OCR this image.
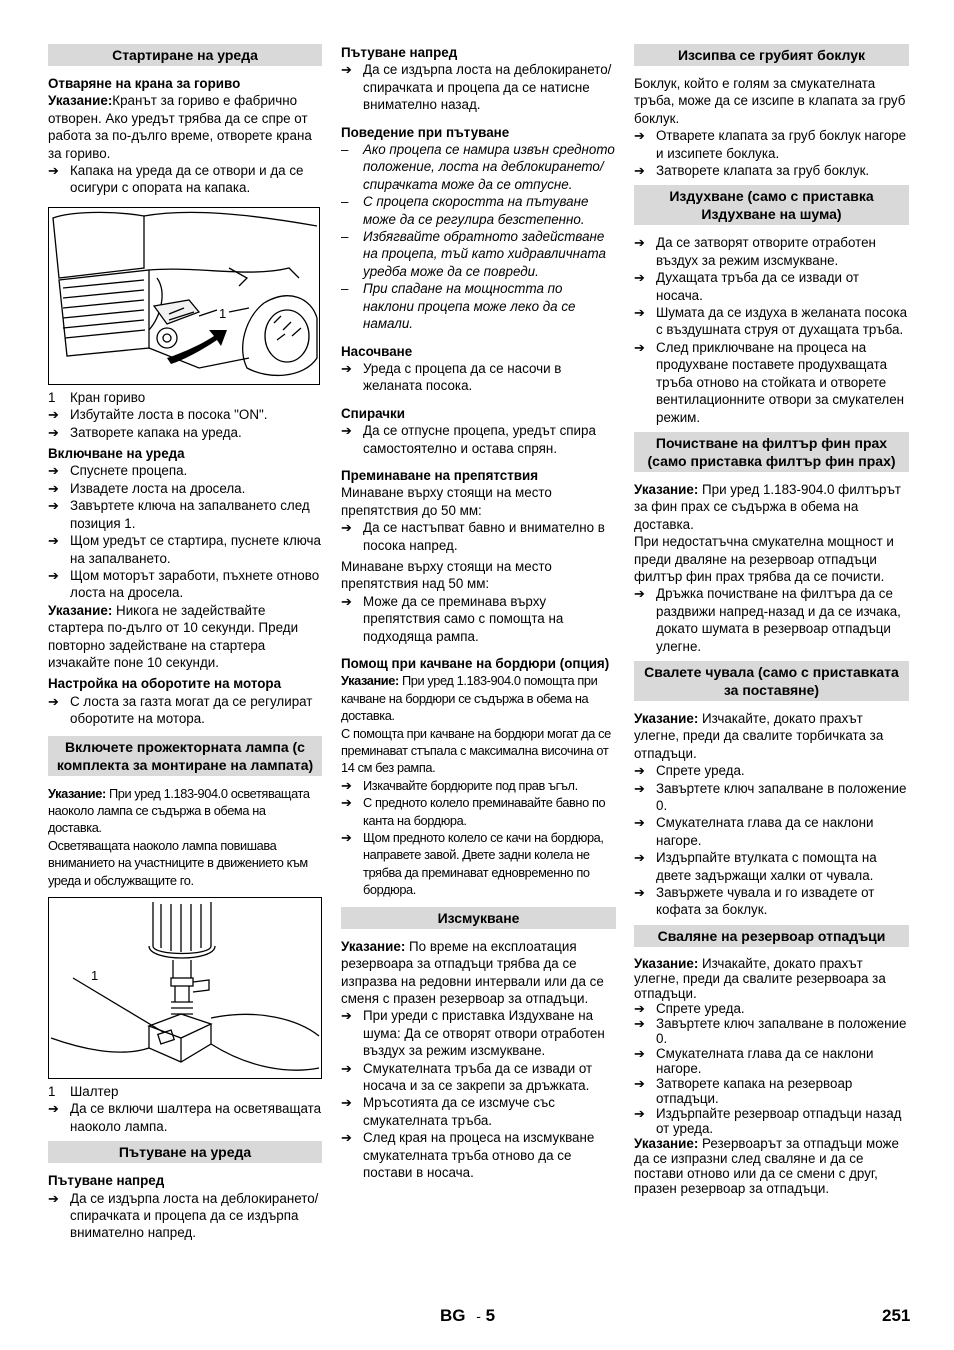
Стартиране на уреда
Отваряне на крана за гориво

Указание:Кранът за гориво е фабрично отворен. Ако уредът трябва да се спре от работа за по-дълго време, отворете крана за гориво.

➔ Капака на уреда да се отвори и да се осигури с опората на капака.

1

1 Кран гориво

➔ Избутайте лоста в посока "ON".

➔ Затворете капака на уреда.

Включване на уреда

➔ Спуснете процепа.

➔ Извадете лоста на дросела.

➔ Завъртете ключа на запалването след позиция 1.

➔ Щом уредът се стартира, пуснете ключа на запалването.

➔ Щом моторът заработи, пъхнете отново лоста на дросела.

Указание: Никога не задействайте стартера по-дълго от 10 секунди. Преди повторно задействане на стартера изчакайте поне 10 секунди.

Настройка на оборотите на мотора

➔ С лоста за газта могат да се регулират оборотите на мотора.

Включете прожекторната лампа (с комплекта за монтиране на лампата)

Указание: При уред 1.183-904.0 осветяващата наоколо лампа се съдържа в обема на доставка.

Осветяващата наоколо лампа повишава вниманието на участниците в движението към уреда и обслужващите го.

1

1 Шалтер

➔ Да се включи шалтера на осветяващата наоколо лампа.

Пътуване на уреда
Пътуване напред

➔ Да се издърпа лоста на деблокирането/спирачката и процепа да се издърпа внимателно напред.

Пътуване напред

➔ Да се издърпа лоста на деблокирането/спирачката и процепа да се натисне внимателно назад.

Поведение при пътуване

– Ако процепа се намира извън средното положение, лоста на деблокирането/спирачката може да се отпусне.

– С процепа скоростта на пътуване може да се регулира безстепенно.

– Избягвайте обратното задействане на процепа, тъй като хидравличната уредба може да се повреди.

– При спадане на мощността по наклони процепа може леко да се намали.

Насочване

➔ Уреда с процепа да се насочи в желаната посока.

Спирачки

➔ Да се отпусне процепа, уредът спира самостоятелно и остава спрян.

Преминаване на препятствия

Минаване върху стоящи на место препятствия до 50 мм:

➔ Да се настъпват бавно и внимателно в посока напред.

Минаване върху стоящи на место препятствия над 50 мм:

➔ Може да се преминава върху препятствия само с помощта на подходяща рампа.

Помощ при качване на бордюри (опция)

Указание: При уред 1.183-904.0 помощта при качване на бордюри се съдържа в обема на доставка.

С помощта при качване на бордюри могат да се преминават стъпала с максимална височина от 14 см без рампа.

➔ Изкачвайте бордюрите под прав ъгъл.

➔ С предното колело преминавайте бавно по канта на бордюра.

➔ Щом предното колело се качи на бордюра, направете завой. Двете задни колела не трябва да преминават едновременно по бордюра.

Изсмукване

Указание: По време на експлоатация резервоара за отпадъци трябва да се изпразва на редовни интервали или да се сменя с празен резервоар за отпадъци.

➔ При уреди с приставка Издухване на шума: Да се отворят отвори отработен въздух за режим изсмукване.

➔ Смукателната тръба да се извади от носача и за се закрепи за дръжката.

➔ Мръсотията да се изсмуче със смукателната тръба.

➔ След края на процеса на изсмукване смукателната тръба отново да се постави в носача.

Изсипва се грубият боклук

Боклук, който е голям за смукателната тръба, може да се изсипе в клапата за груб боклук.

➔ Отварете клапата за груб боклук нагоре и изсипете боклука.

➔ Затворете клапата за груб боклук.

Издухване (само с приставка Издухване на шума)

➔ Да се затворят отворите отработен въздух за режим изсмукване.

➔ Духащата тръба да се извади от носача.

➔ Шумата да се издуха в желаната посока с въздушната струя от духащата тръба.

➔ След приключване на процеса на продухване поставете продухващата тръба отново на стойката и отворете вентилационните отвори за смукателен режим.

Почистване на филтър фин прах (само приставка филтър фин прах)

Указание: При уред 1.183-904.0 филтърът за фин прах се съдържа в обема на доставка.

При недостатъчна смукателна мощност и преди дваляне на резервоар отпадъци филтър фин прах трябва да се почисти.

➔ Дръжка почистване на филтъра да се раздвижи напред-назад и да се изчака, докато шумата в резервоар отпадъци улегне.

Свалете чувала (само с приставката за поставяне)

Указание: Изчакайте, докато прахът улегне, преди да свалите торбичката за отпадъци.

➔ Спрете уреда.

➔ Завъртете ключ запалване в положение 0.

➔ Смукателната глава да се наклони нагоре.

➔ Издърпайте втулката с помощта на двете задържащи халки от чувала.

➔ Завържете чувала и го извадете от кофата за боклук.

Сваляне на резервоар отпадъци

Указание: Изчакайте, докато прахът улегне, преди да свалите резервоара за отпадъци.

➔ Спрете уреда.

➔ Завъртете ключ запалване в положение 0.

➔ Смукателната глава да се наклони нагоре.

➔ Затворете капака на резервоар отпадъци.

➔ Издърпайте резервоар отпадъци назад от уреда.

Указание: Резервоарът за отпадъци може да се изпразни след сваляне и да се постави отново или да се смени с друг, празен резервоар за отпадъци.

BG - 5	251
